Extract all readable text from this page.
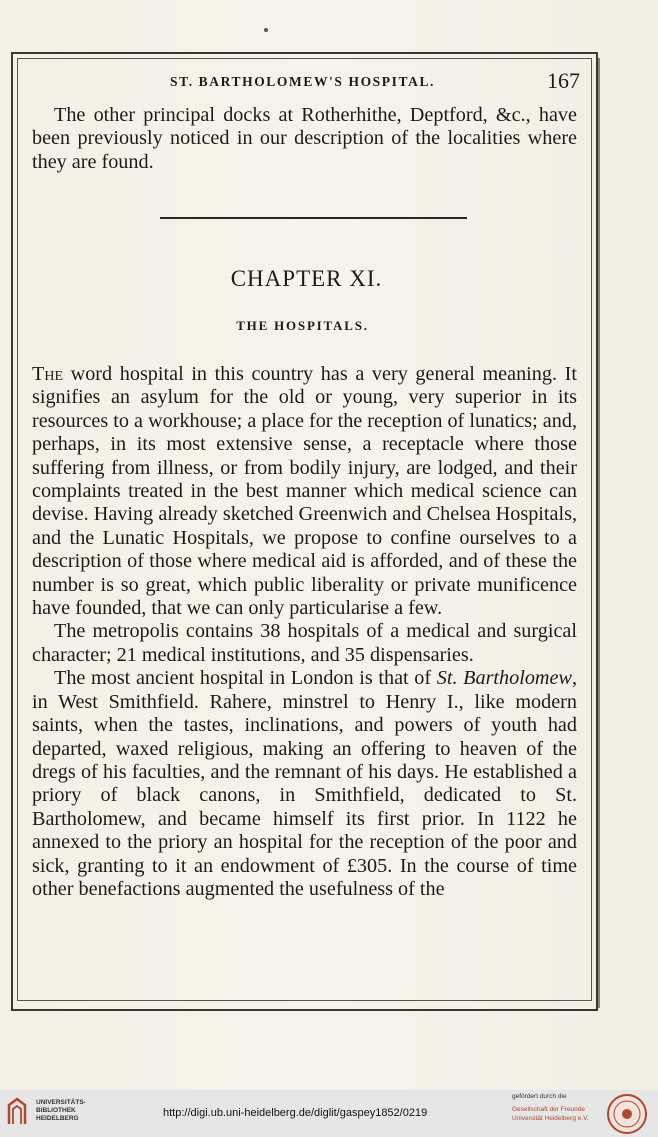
ST. BARTHOLOMEW'S HOSPITAL.	167

The other principal docks at Rotherhithe, Deptford, &c., have been previously noticed in our description of the localities where they are found.

CHAPTER XI.
THE HOSPITALS.

The word hospital in this country has a very general meaning. It signifies an asylum for the old or young, very superior in its resources to a workhouse; a place for the reception of lunatics; and, perhaps, in its most extensive sense, a receptacle where those suffering from illness, or from bodily injury, are lodged, and their complaints treated in the best manner which medical science can devise. Having already sketched Greenwich and Chelsea Hospitals, and the Lunatic Hospitals, we propose to confine ourselves to a description of those where medical aid is afforded, and of these the number is so great, which public liberality or private munificence have founded, that we can only particularise a few.

The metropolis contains 38 hospitals of a medical and surgical character; 21 medical institutions, and 35 dispensaries.

The most ancient hospital in London is that of St. Bartholomew, in West Smithfield. Rahere, minstrel to Henry I., like modern saints, when the tastes, inclinations, and powers of youth had departed, waxed religious, making an offering to heaven of the dregs of his faculties, and the remnant of his days. He established a priory of black canons, in Smithfield, dedicated to St. Bartholomew, and became himself its first prior. In 1122 he annexed to the priory an hospital for the reception of the poor and sick, granting to it an endowment of £305. In the course of time other benefactions augmented the usefulness of the

UNIVERSITÄTS- BIBLIOTHEK HEIDELBERG	http://digi.ub.uni-heidelberg.de/diglit/gaspey1852/0219
gefördert durch die
Gesellschaft der Freunde Universität Heidelberg e.V.
